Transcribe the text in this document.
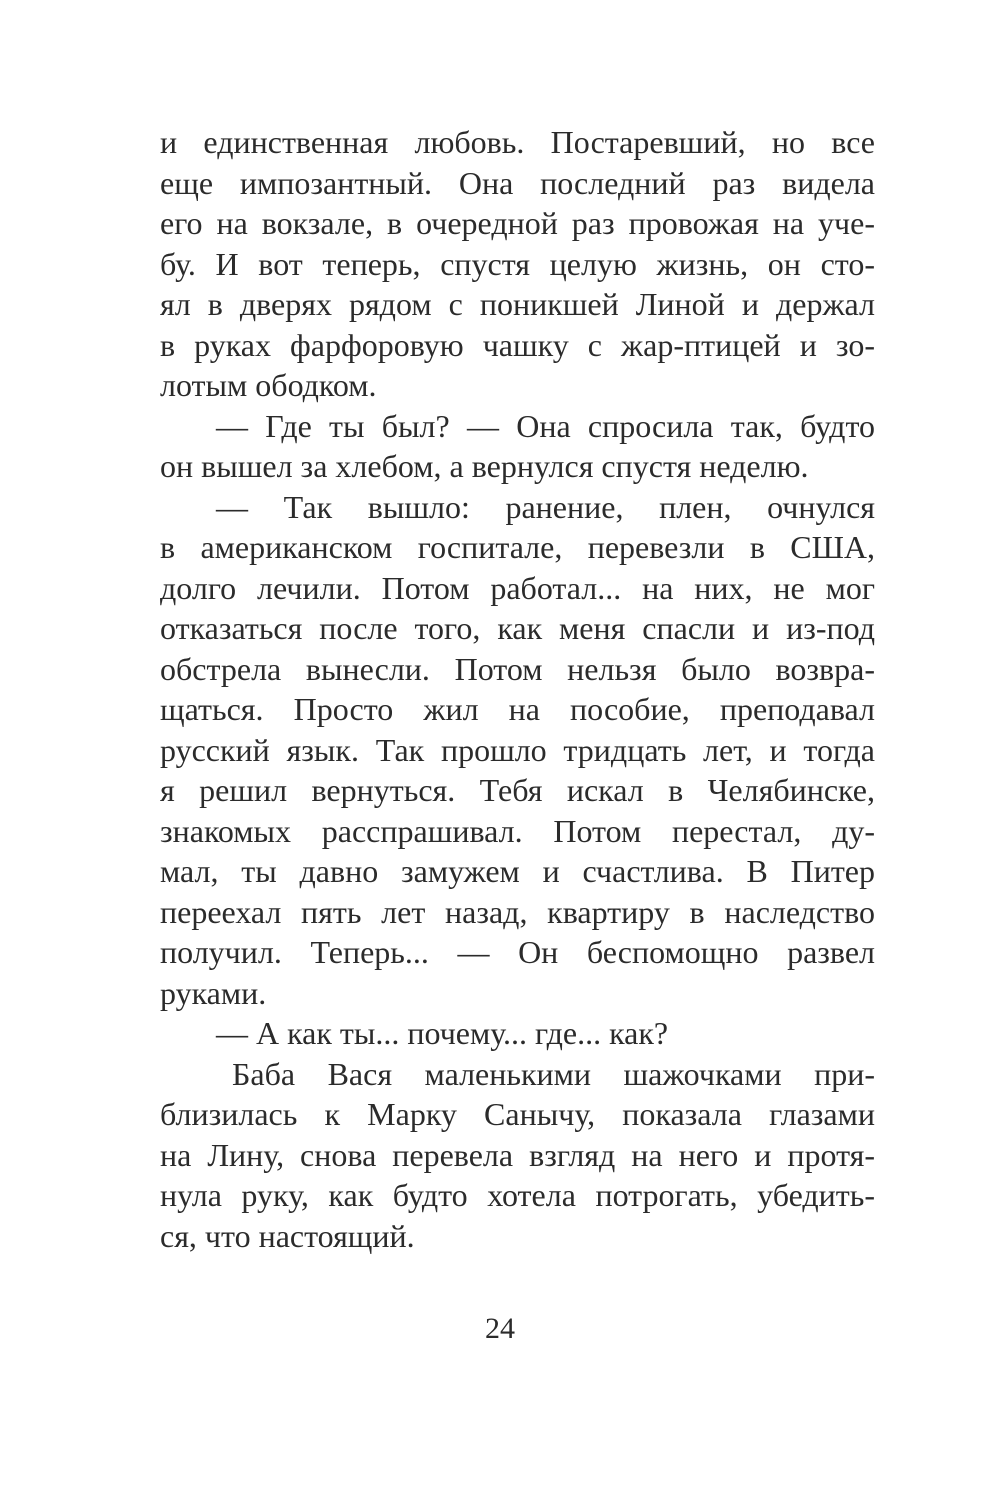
и единственная любовь. Постаревший, но все
еще импозантный. Она последний раз видела
его на вокзале, в очередной раз провожая на уче-
бу. И вот теперь, спустя целую жизнь, он сто-
ял в дверях рядом с поникшей Линой и держал
в руках фарфоровую чашку с жар-птицей и зо-
лотым ободком.
— Где ты был? — Она спросила так, будто
он вышел за хлебом, а вернулся спустя неделю.
— Так вышло: ранение, плен, очнулся
в американском госпитале, перевезли в США,
долго лечили. Потом работал... на них, не мог
отказаться после того, как меня спасли и из-под
обстрела вынесли. Потом нельзя было возвра-
щаться. Просто жил на пособие, преподавал
русский язык. Так прошло тридцать лет, и тогда
я решил вернуться. Тебя искал в Челябинске,
знакомых расспрашивал. Потом перестал, ду-
мал, ты давно замужем и счастлива. В Питер
переехал пять лет назад, квартиру в наследство
получил. Теперь... — Он беспомощно развел
руками.
— А как ты... почему... где... как?
Баба Вася маленькими шажочками при-
близилась к Марку Санычу, показала глазами
на Лину, снова перевела взгляд на него и протя-
нула руку, как будто хотела потрогать, убедить-
ся, что настоящий.
24
